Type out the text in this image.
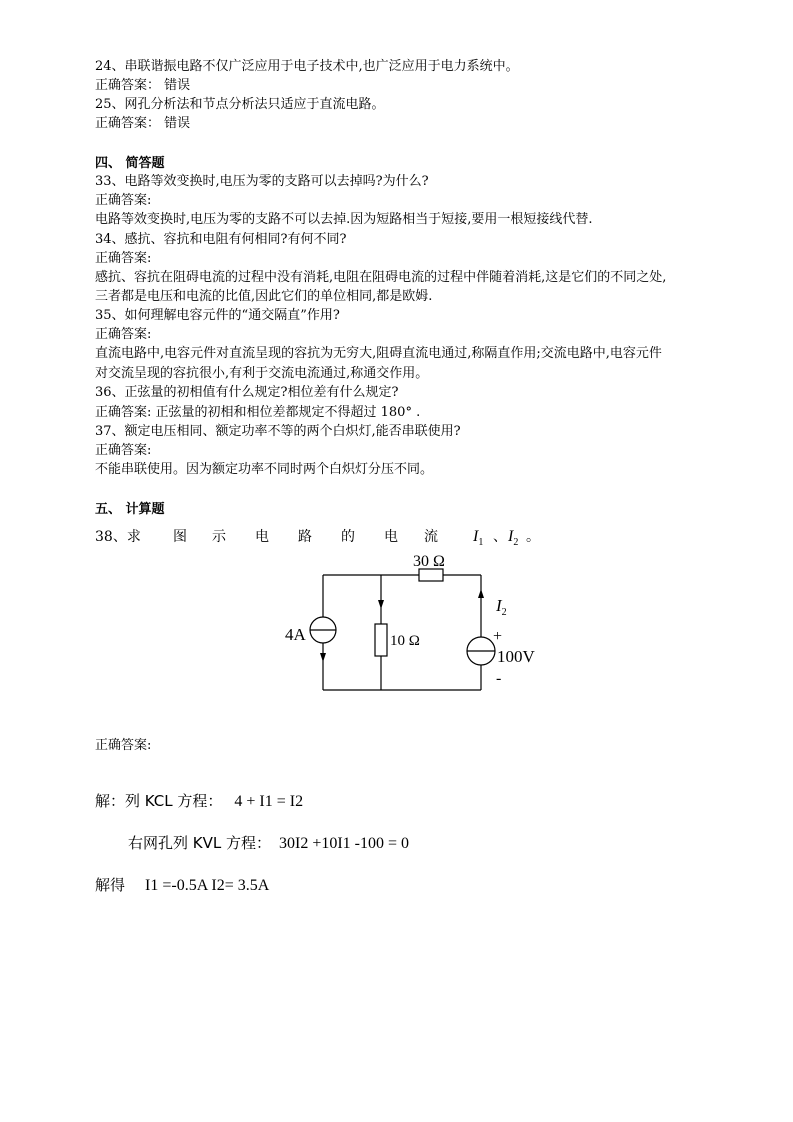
24、串联谐振电路不仅广泛应用于电子技术中,也广泛应用于电力系统中。
正确答案： 错误
25、网孔分析法和节点分析法只适应于直流电路。
正确答案： 错误
四、 简答题
33、电路等效变换时,电压为零的支路可以去掉吗?为什么?
正确答案:
电路等效变换时,电压为零的支路不可以去掉.因为短路相当于短接,要用一根短接线代替.
34、感抗、容抗和电阻有何相同?有何不同?
正确答案:
感抗、容抗在阻碍电流的过程中没有消耗,电阻在阻碍电流的过程中伴随着消耗,这是它们的不同之处,
三者都是电压和电流的比值,因此它们的单位相同,都是欧姆.
35、如何理解电容元件的“通交隔直”作用?
正确答案:
直流电路中,电容元件对直流呈现的容抗为无穷大,阻碍直流电通过,称隔直作用;交流电路中,电容元件
对交流呈现的容抗很小,有利于交流电流通过,称通交作用。
36、正弦量的初相值有什么规定?相位差有什么规定?
正确答案: 正弦量的初相和相位差都规定不得超过 180° .
37、额定电压相同、额定功率不等的两个白炽灯,能否串联使用?
正确答案:
不能串联使用。因为额定功率不同时两个白炽灯分压不同。
五、 计算题
38、求 图 示 电 路 的 电 流 $I_1$ 、 $I_2$ 。
30 Ω
10 Ω
4A
100V
+
-
$I_2$
正确答案:
解：列 KCL 方程： 4 + I1 = I2
右网孔列 KVL 方程： 30I2 +10I1 -100 = 0
解得 I1 =-0.5A I2= 3.5A
